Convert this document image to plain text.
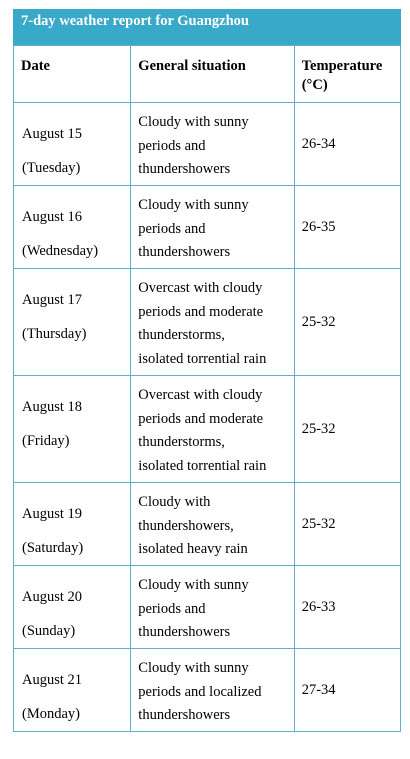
7-day weather report for Guangzhou
Date	General situation	Temperature
(°C)

August 15
(Tuesday)	Cloudy with sunny
periods and
thundershowers	26-34

August 16
(Wednesday)	Cloudy with sunny
periods and
thundershowers	26-35

August 17
(Thursday)	Overcast with cloudy
periods and moderate
thunderstorms,
isolated torrential rain	25-32

August 18
(Friday)	Overcast with cloudy
periods and moderate
thunderstorms,
isolated torrential rain	25-32

August 19
(Saturday)	Cloudy with
thundershowers,
isolated heavy rain	25-32

August 20
(Sunday)	Cloudy with sunny
periods and
thundershowers	26-33

August 21
(Monday)	Cloudy with sunny
periods and localized
thundershowers	27-34
